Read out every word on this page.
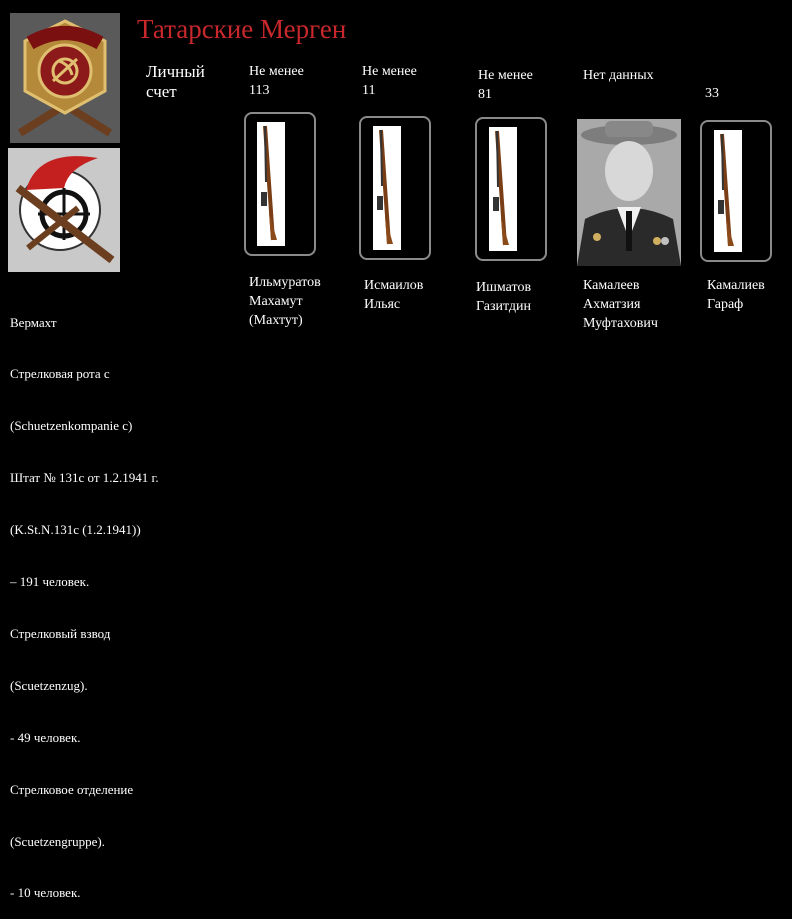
Татарские Мерген
Личный
счет
Не менее
113
Ильмуратов
Махамут
(Махтут)
Не менее
11
Исмаилов
Ильяс
Не менее
81
Ишматов
Газитдин
Нет данных
Камалеев
Ахматзия
Муфтахович
33
Камалиев
Гараф

Вермахт

Стрелковая рота с

(Schuetzenkompanie c)

Штат № 131с от 1.2.1941 г.

(K.St.N.131c (1.2.1941))

– 191 человек.

Стрелковый взвод

(Scuetzenzug).

- 49 человек.

Стрелковое отделение

(Scuetzengruppe).

- 10 человек.
